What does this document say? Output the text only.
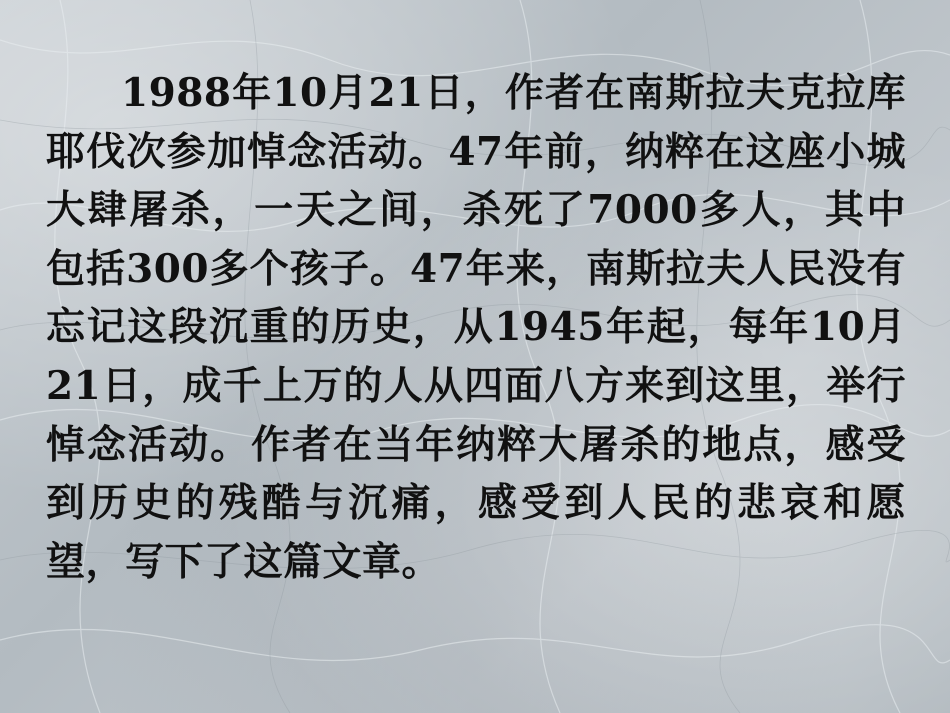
1988年10月21日，作者在南斯拉夫克拉库耶伐次参加悼念活动。47年前，纳粹在这座小城大肆屠杀，一天之间，杀死了7000多人，其中包括300多个孩子。47年来，南斯拉夫人民没有忘记这段沉重的历史，从1945年起，每年10月21日，成千上万的人从四面八方来到这里，举行悼念活动。作者在当年纳粹大屠杀的地点，感受到历史的残酷与沉痛，感受到人民的悲哀和愿望，写下了这篇文章。
